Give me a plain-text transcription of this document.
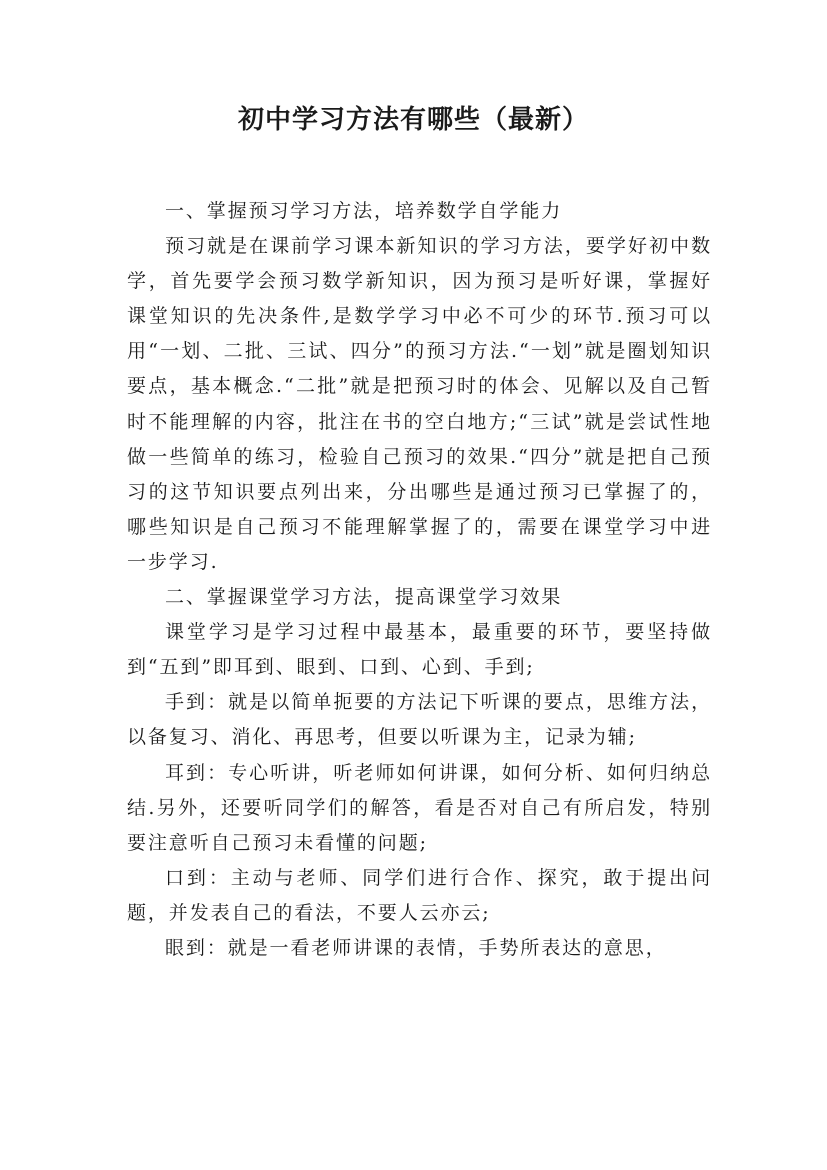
初中学习方法有哪些（最新）

一、掌握预习学习方法，培养数学自学能力

预习就是在课前学习课本新知识的学习方法，要学好初中数学，首先要学会预习数学新知识，因为预习是听好课，掌握好课堂知识的先决条件,是数学学习中必不可少的环节.预习可以用“一划、二批、三试、四分”的预习方法.“一划”就是圈划知识要点，基本概念.“二批”就是把预习时的体会、见解以及自己暂时不能理解的内容，批注在书的空白地方;“三试”就是尝试性地做一些简单的练习，检验自己预习的效果.“四分”就是把自己预习的这节知识要点列出来，分出哪些是通过预习已掌握了的，哪些知识是自己预习不能理解掌握了的，需要在课堂学习中进一步学习.

二、掌握课堂学习方法，提高课堂学习效果

课堂学习是学习过程中最基本，最重要的环节，要坚持做到“五到”即耳到、眼到、口到、心到、手到;

手到：就是以简单扼要的方法记下听课的要点，思维方法，以备复习、消化、再思考，但要以听课为主，记录为辅;

耳到：专心听讲，听老师如何讲课，如何分析、如何归纳总结.另外，还要听同学们的解答，看是否对自己有所启发，特别要注意听自己预习未看懂的问题;

口到：主动与老师、同学们进行合作、探究，敢于提出问题，并发表自己的看法，不要人云亦云;

眼到：就是一看老师讲课的表情，手势所表达的意思，
